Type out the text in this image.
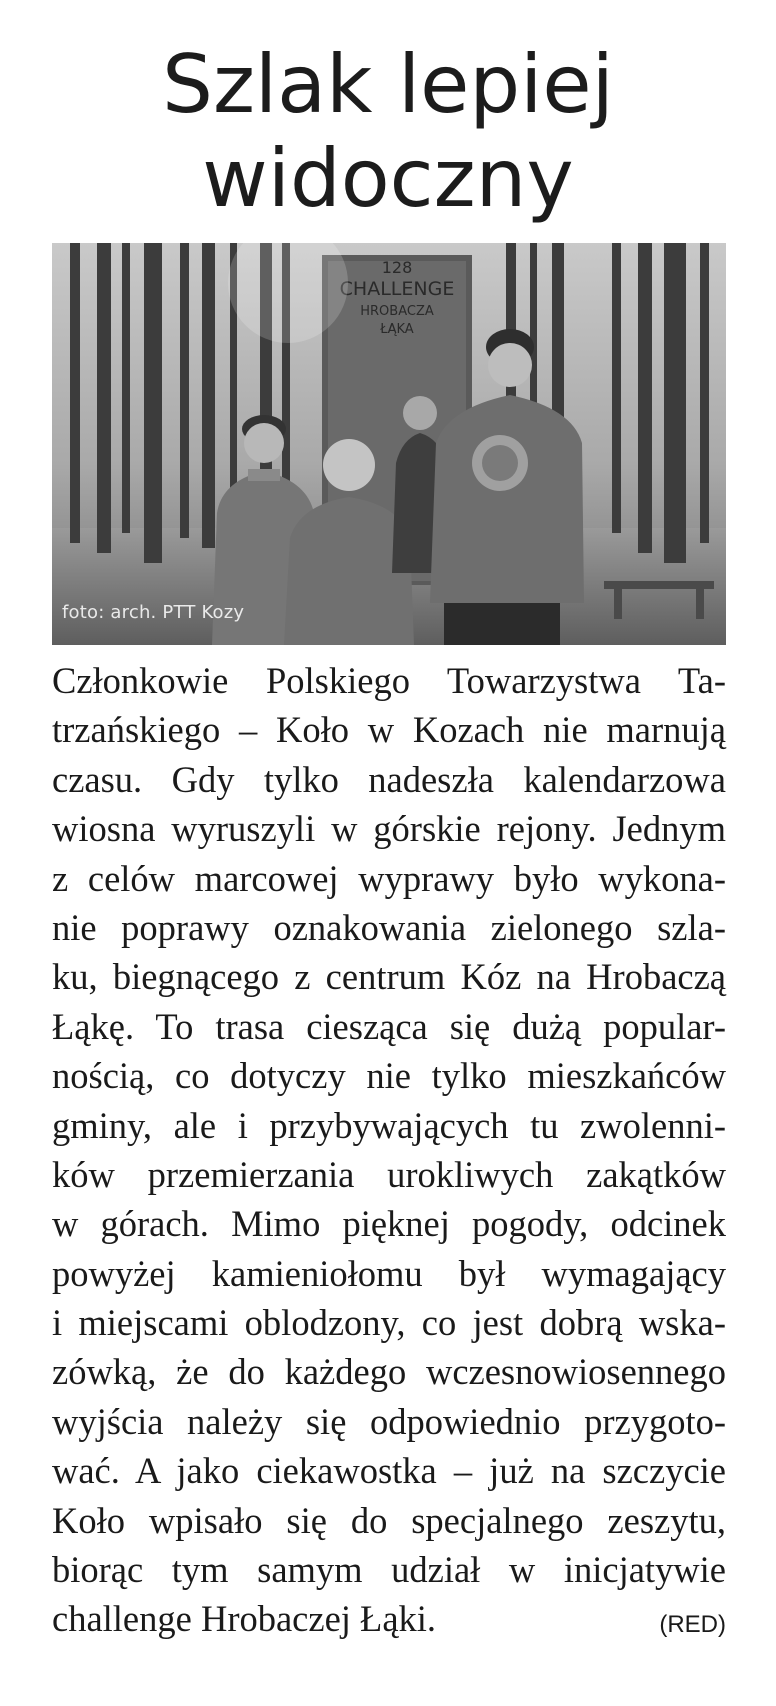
Szlak lepiej
widoczny
128
CHALLENGE
HROBACZA
ŁĄKA
foto: arch. PTT Kozy
Członkowie Polskiego Towarzystwa Ta-
trzańskiego – Koło w Kozach nie marnują
czasu. Gdy tylko nadeszła kalendarzowa
wiosna wyruszyli w górskie rejony. Jednym
z celów marcowej wyprawy było wykona-
nie poprawy oznakowania zielonego szla-
ku, biegnącego z centrum Kóz na Hrobaczą
Łąkę. To trasa ciesząca się dużą popular-
nością, co dotyczy nie tylko mieszkańców
gminy, ale i przybywających tu zwolenni-
ków przemierzania urokliwych zakątków
w górach. Mimo pięknej pogody, odcinek
powyżej kamieniołomu był wymagający
i miejscami oblodzony, co jest dobrą wska-
zówką, że do każdego wczesnowiosennego
wyjścia należy się odpowiednio przygoto-
wać. A jako ciekawostka – już na szczycie
Koło wpisało się do specjalnego zeszytu,
biorąc tym samym udział w inicjatywie
challenge Hrobaczej Łąki.	(RED)
